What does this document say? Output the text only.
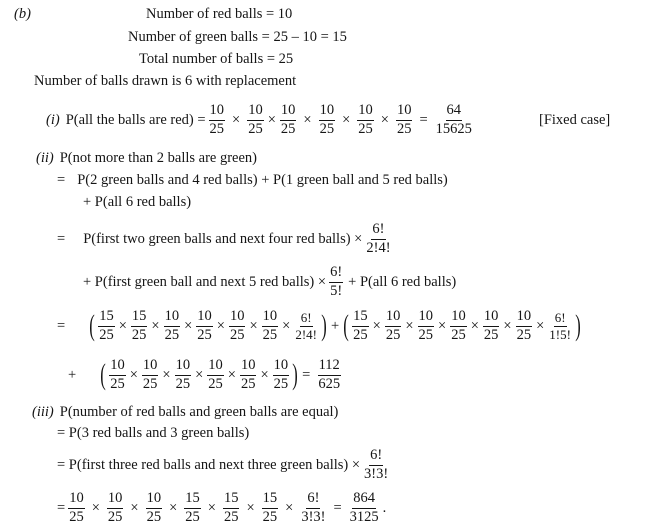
(b)	Number of red balls = 10
Number of green balls = 25 – 10 = 15
Total number of balls = 25
Number of balls drawn is 6 with replacement
(i) P(all the balls are $red) = \frac{10}{25} \times \frac{10}{25} \times \frac{10}{25} \times \frac{10}{25} \times \frac{10}{25} \times \frac{10}{25} = \frac{64}{15625}$	[Fixed case]
(ii) P(not more than 2 balls are green)
= P(2 green balls and 4 red balls) + P(1 green ball and 5 red balls)
+ P(all 6 red balls)
= P(first two green balls and next four red balls) × $\frac{6!}{2!4!}$
+ P(first green ball and next 5 red balls) × $\frac{6!}{5!} + P(all$ 6 red balls)
= ( $\frac{15}{25} \times \frac{15}{25} \times \frac{10}{25} \times \frac{10}{25} \times \frac{10}{25} \times \frac{10}{25} \times \frac{6!}{2!4!}$ ) + ( $\frac{15}{25} \times \frac{10}{25} \times \frac{10}{25} \times \frac{10}{25} \times \frac{10}{25} \times \frac{10}{25} \times \frac{6!}{1!5!}$ )
+ ( $\frac{10}{25} \times \frac{10}{25} \times \frac{10}{25} \times \frac{10}{25} \times \frac{10}{25} \times \frac{10}{25}$ ) = $\frac{112}{625}$
(iii) P(number of red balls and green balls are equal)
= P(3 red balls and 3 green balls)
= P(first three red balls and next three green balls) × $\frac{6!}{3!3!}$
= $\frac{10}{25} \times \frac{10}{25} \times \frac{10}{25} \times \frac{15}{25} \times \frac{15}{25} \times \frac{15}{25} \times \frac{6!}{3!3!} = \frac{864}{3125}$ .
